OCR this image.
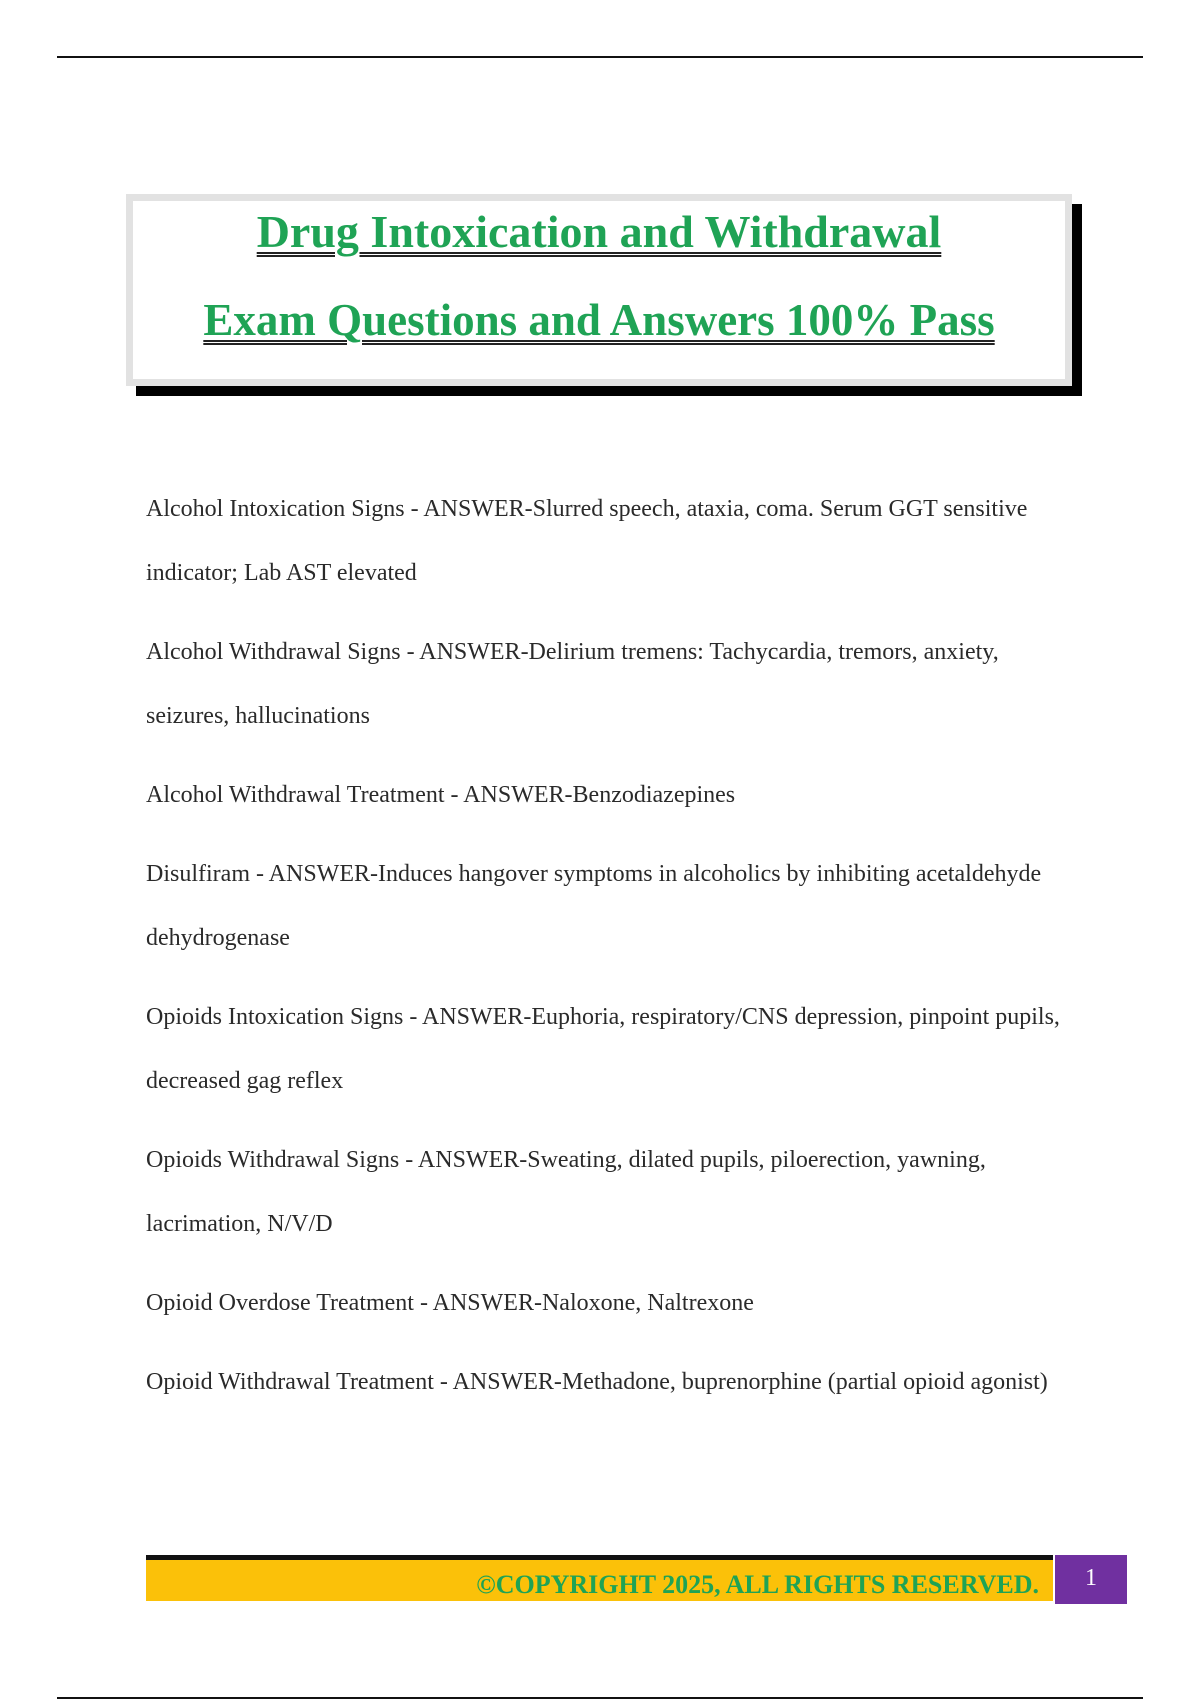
Drug Intoxication and Withdrawal
Exam Questions and Answers 100% Pass

Alcohol Intoxication Signs - ANSWER-Slurred speech, ataxia, coma. Serum GGT sensitive indicator; Lab AST elevated

Alcohol Withdrawal Signs - ANSWER-Delirium tremens: Tachycardia, tremors, anxiety, seizures, hallucinations

Alcohol Withdrawal Treatment - ANSWER-Benzodiazepines

Disulfiram - ANSWER-Induces hangover symptoms in alcoholics by inhibiting acetaldehyde dehydrogenase

Opioids Intoxication Signs - ANSWER-Euphoria, respiratory/CNS depression, pinpoint pupils, decreased gag reflex

Opioids Withdrawal Signs - ANSWER-Sweating, dilated pupils, piloerection, yawning, lacrimation, N/V/D

Opioid Overdose Treatment - ANSWER-Naloxone, Naltrexone

Opioid Withdrawal Treatment - ANSWER-Methadone, buprenorphine (partial opioid agonist)

©COPYRIGHT 2025, ALL RIGHTS RESERVED.	1
